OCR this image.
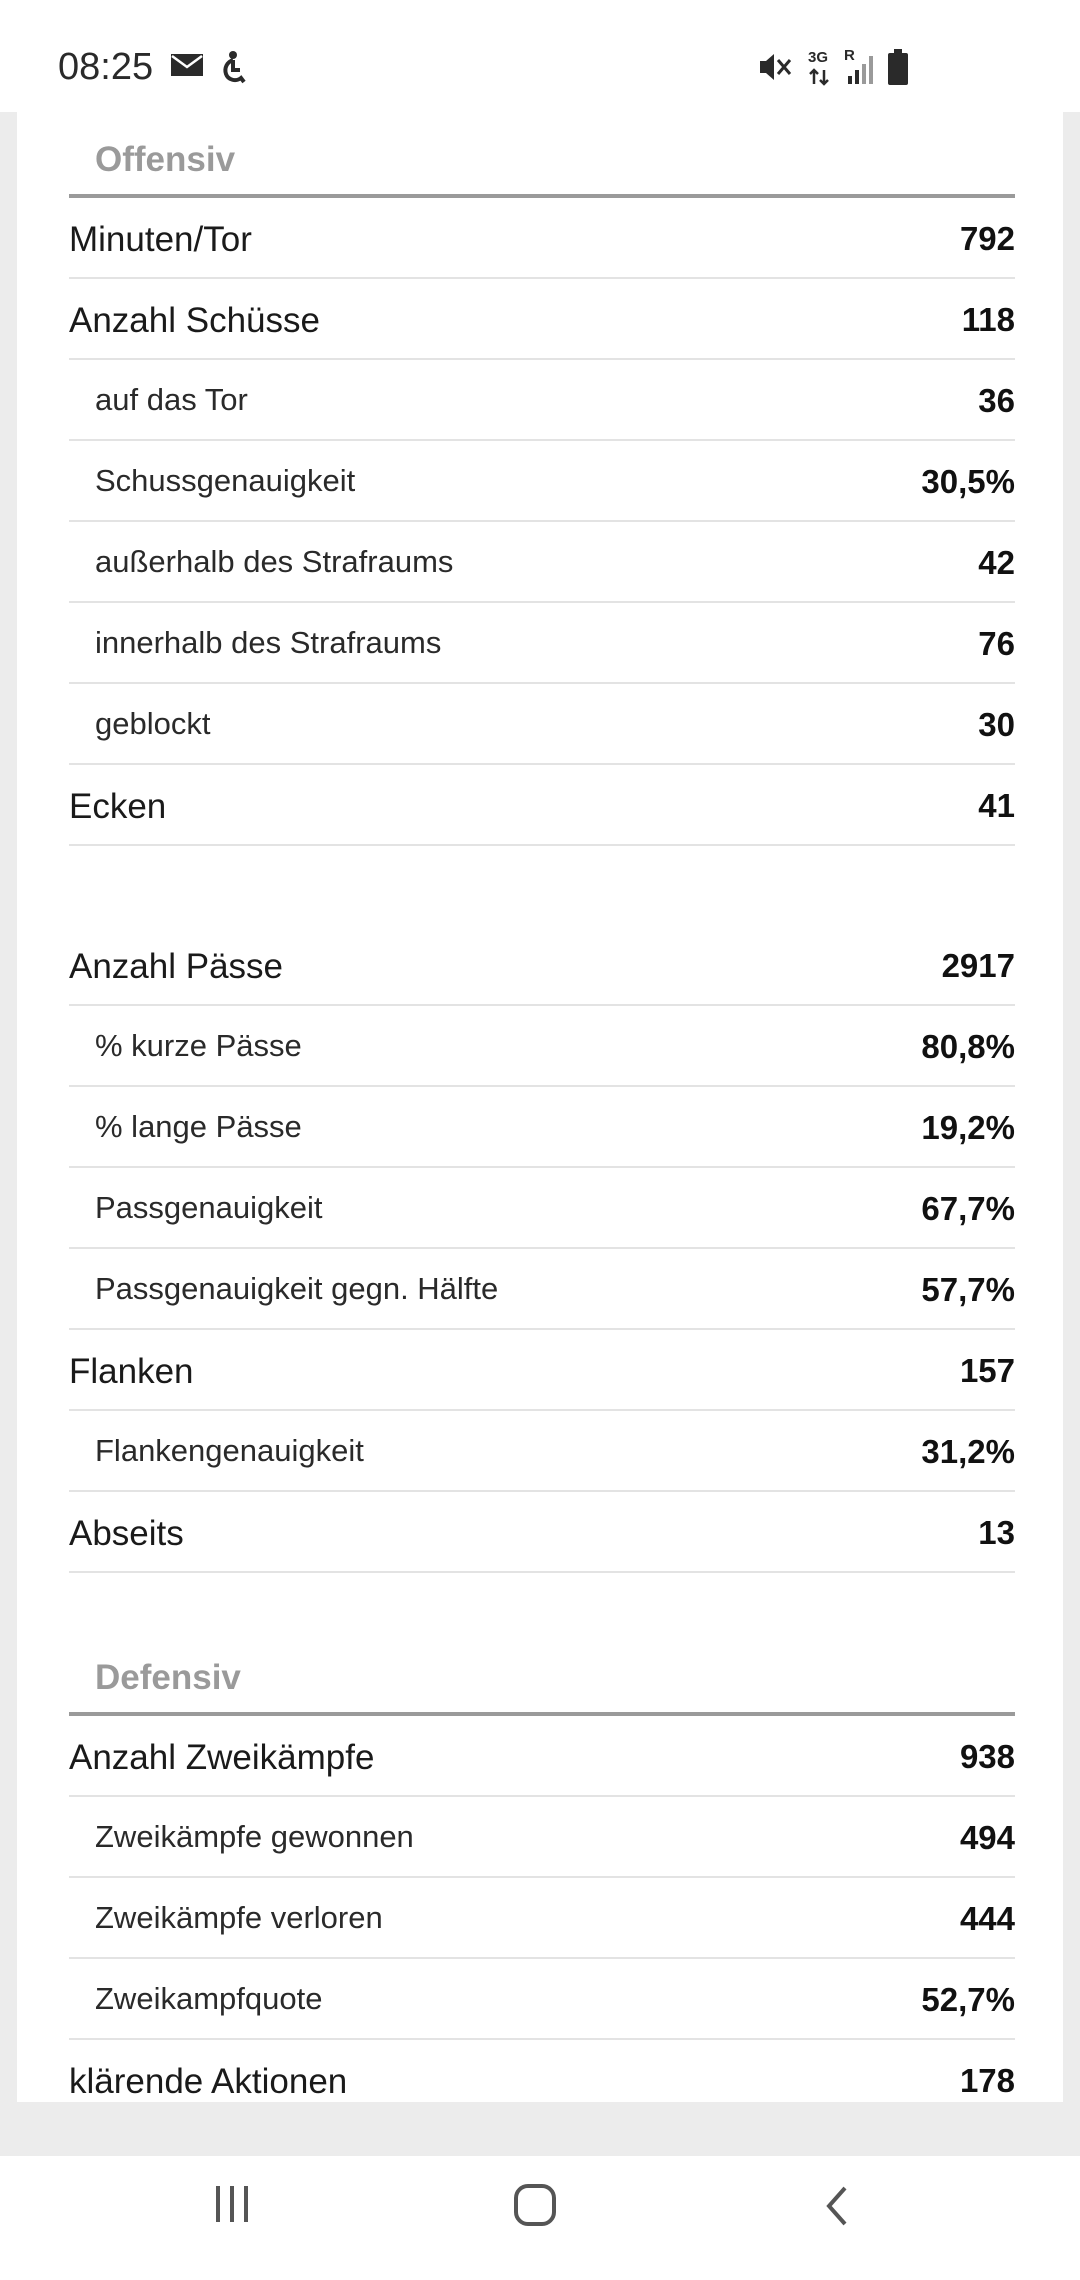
08:25	3G R
Offensiv
Minuten/Tor	792
Anzahl Schüsse	118
auf das Tor	36
Schussgenauigkeit	30,5%
außerhalb des Strafraums	42
innerhalb des Strafraums	76
geblockt	30
Ecken	41
Anzahl Pässe	2917
% kurze Pässe	80,8%
% lange Pässe	19,2%
Passgenauigkeit	67,7%
Passgenauigkeit gegn. Hälfte	57,7%
Flanken	157
Flankengenauigkeit	31,2%
Abseits	13
Defensiv
Anzahl Zweikämpfe	938
Zweikämpfe gewonnen	494
Zweikämpfe verloren	444
Zweikampfquote	52,7%
klärende Aktionen	178
